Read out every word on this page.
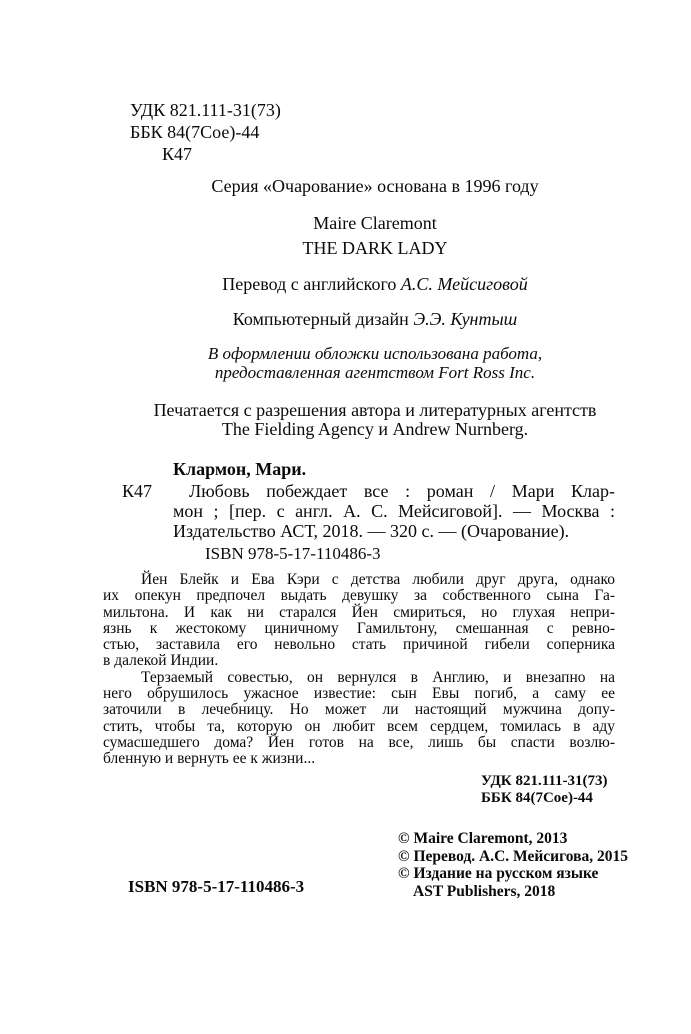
УДК 821.111-31(73)
ББК 84(7Сое)-44
К47
Серия «Очарование» основана в 1996 году
Maire Claremont
THE DARK LADY
Перевод с английского А.С. Мейсиговой
Компьютерный дизайн Э.Э. Кунтыш
В оформлении обложки использована работа,
предоставленная агентством Fort Ross Inc.
Печатается с разрешения автора и литературных агентств
The Fielding Agency и Andrew Nurnberg.
Клармон, Мари.
К47	Любовь побеждает все : роман / Мари Клар-
мон ; [пер. с англ. А. С. Мейсиговой]. — Москва :
Издательство АСТ, 2018. — 320 с. — (Очарование).
ISBN 978-5-17-110486-3
Йен Блейк и Ева Кэри с детства любили друг друга, однако
их опекун предпочел выдать девушку за собственного сына Га-
мильтона. И как ни старался Йен смириться, но глухая непри-
язнь к жестокому циничному Гамильтону, смешанная с ревно-
стью, заставила его невольно стать причиной гибели соперника
в далекой Индии.
Терзаемый совестью, он вернулся в Англию, и внезапно на
него обрушилось ужасное известие: сын Евы погиб, а саму ее
заточили в лечебницу. Но может ли настоящий мужчина допу-
стить, чтобы та, которую он любит всем сердцем, томилась в аду
сумасшедшего дома? Йен готов на все, лишь бы спасти возлю-
бленную и вернуть ее к жизни...
УДК 821.111-31(73)
ББК 84(7Сое)-44
© Maire Claremont, 2013
© Перевод. А.С. Мейсигова, 2015
© Издание на русском языке
AST Publishers, 2018
ISBN 978-5-17-110486-3
